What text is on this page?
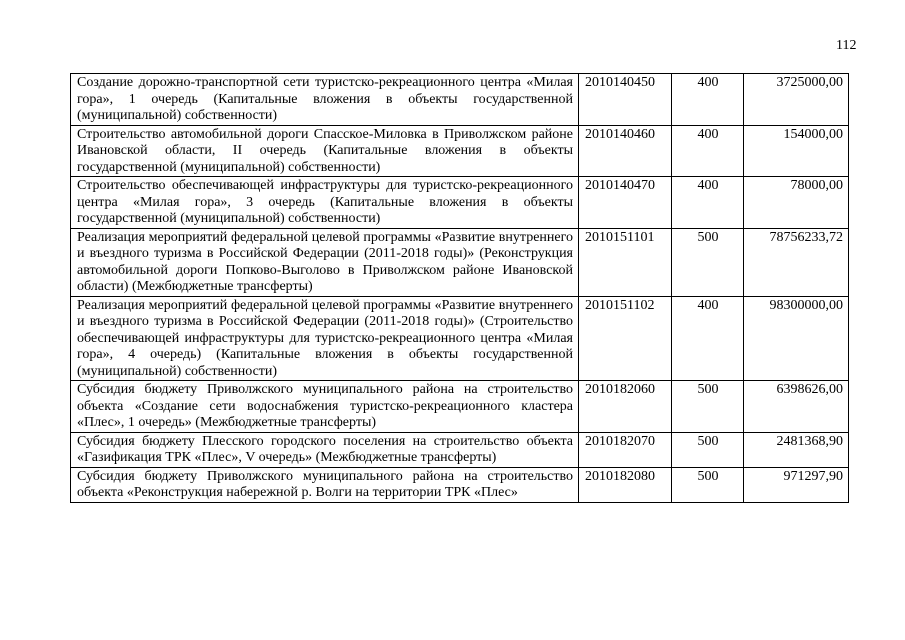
112
Создание дорожно-транспортной сети туристско-рекреационного центра «Милая гора», 1 очередь (Капитальные вложения в объекты государственной (муниципальной) собственности)	2010140450	400	3725000,00
Строительство автомобильной дороги Спасское-Миловка в Приволжском районе Ивановской области, II очередь (Капитальные вложения в объекты государственной (муниципальной) собственности)	2010140460	400	154000,00
Строительство обеспечивающей инфраструктуры для туристско-рекреационного центра «Милая гора», 3 очередь (Капитальные вложения в объекты государственной (муниципальной) собственности)	2010140470	400	78000,00
Реализация мероприятий федеральной целевой программы «Развитие внутреннего и въездного туризма в Российской Федерации (2011-2018 годы)» (Реконструкция автомобильной дороги Попково-Выголово в Приволжском районе Ивановской области) (Межбюджетные трансферты)	2010151101	500	78756233,72
Реализация мероприятий федеральной целевой программы «Развитие внутреннего и въездного туризма в Российской Федерации (2011-2018 годы)» (Строительство обеспечивающей инфраструктуры для туристско-рекреационного центра «Милая гора», 4 очередь) (Капитальные вложения в объекты государственной (муниципальной) собственности)	2010151102	400	98300000,00
Субсидия бюджету Приволжского муниципального района на строительство объекта «Создание сети водоснабжения туристско-рекреационного кластера «Плес», 1 очередь» (Межбюджетные трансферты)	2010182060	500	6398626,00
Субсидия бюджету Плесского городского поселения на строительство объекта «Газификация ТРК «Плес», V очередь» (Межбюджетные трансферты)	2010182070	500	2481368,90
Субсидия бюджету Приволжского муниципального района на строительство объекта «Реконструкция набережной р. Волги на территории ТРК «Плес»	2010182080	500	971297,90
